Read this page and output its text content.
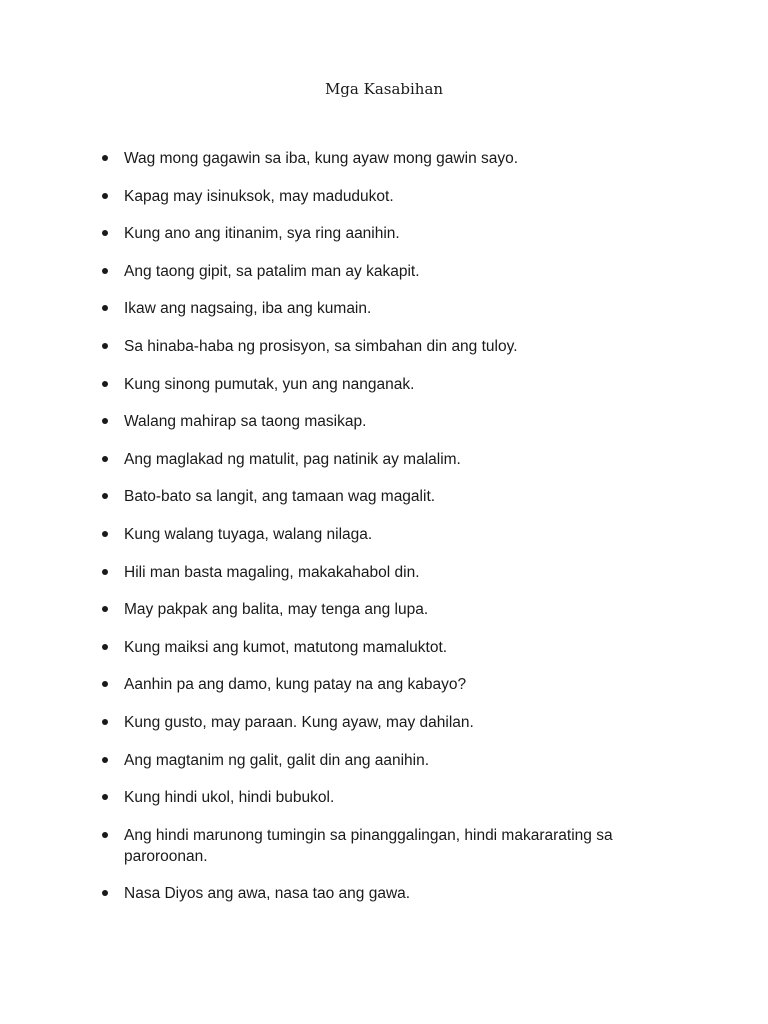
Mga Kasabihan
Wag mong gagawin sa iba, kung ayaw mong gawin sayo.
Kapag may isinuksok, may madudukot.
Kung ano ang itinanim, sya ring aanihin.
Ang taong gipit, sa patalim man ay kakapit.
Ikaw ang nagsaing, iba ang kumain.
Sa hinaba-haba ng prosisyon, sa simbahan din ang tuloy.
Kung sinong pumutak, yun ang nanganak.
Walang mahirap sa taong masikap.
Ang maglakad ng matulit, pag natinik ay malalim.
Bato-bato sa langit, ang tamaan wag magalit.
Kung walang tuyaga, walang nilaga.
Hili man basta magaling, makakahabol din.
May pakpak ang balita, may tenga ang lupa.
Kung maiksi ang kumot, matutong mamaluktot.
Aanhin pa ang damo, kung patay na ang kabayo?
Kung gusto, may paraan. Kung ayaw, may dahilan.
Ang magtanim ng galit, galit din ang aanihin.
Kung hindi ukol, hindi bubukol.
Ang hindi marunong tumingin sa pinanggalingan, hindi makararating sa paroroonan.
Nasa Diyos ang awa, nasa tao ang gawa.
